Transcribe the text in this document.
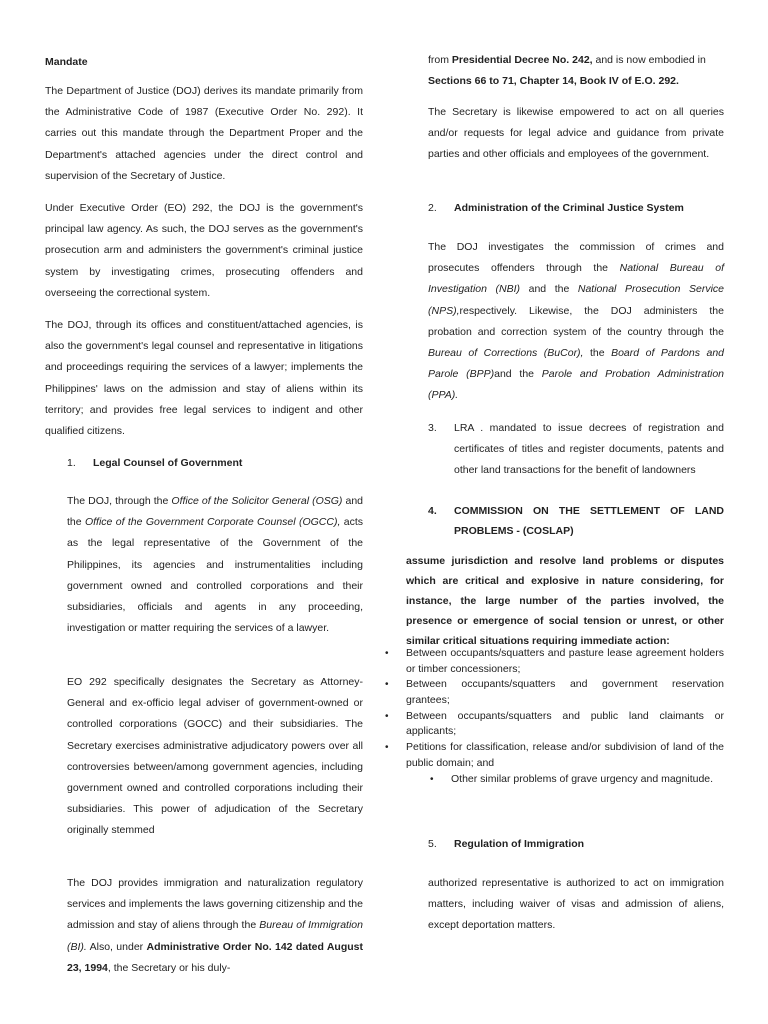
Mandate

The Department of Justice (DOJ) derives its mandate primarily from the Administrative Code of 1987 (Executive Order No. 292). It carries out this mandate through the Department Proper and the Department's attached agencies under the direct control and supervision of the Secretary of Justice.

Under Executive Order (EO) 292, the DOJ is the government's principal law agency. As such, the DOJ serves as the government's prosecution arm and administers the government's criminal justice system by investigating crimes, prosecuting offenders and overseeing the correctional system.

The DOJ, through its offices and constituent/attached agencies, is also the government's legal counsel and representative in litigations and proceedings requiring the services of a lawyer; implements the Philippines' laws on the admission and stay of aliens within its territory; and provides free legal services to indigent and other qualified citizens.

1.	Legal Counsel of Government

The DOJ, through the Office of the Solicitor General (OSG) and the Office of the Government Corporate Counsel (OGCC), acts as the legal representative of the Government of the Philippines, its agencies and instrumentalities including government owned and controlled corporations and their subsidiaries, officials and agents in any proceeding, investigation or matter requiring the services of a lawyer.

EO 292 specifically designates the Secretary as Attorney-General and ex-officio legal adviser of government-owned or controlled corporations (GOCC) and their subsidiaries. The Secretary exercises administrative adjudicatory powers over all controversies between/among government agencies, including government owned and controlled corporations including their subsidiaries. This power of adjudication of the Secretary originally stemmed

The DOJ provides immigration and naturalization regulatory services and implements the laws governing citizenship and the admission and stay of aliens through the Bureau of Immigration (BI). Also, under Administrative Order No. 142 dated August 23, 1994, the Secretary or his duly-

from Presidential Decree No. 242, and is now embodied in Sections 66 to 71, Chapter 14, Book IV of E.O. 292.

The Secretary is likewise empowered to act on all queries and/or requests for legal advice and guidance from private parties and other officials and employees of the government.

2.	Administration of the Criminal Justice System

The DOJ investigates the commission of crimes and prosecutes offenders through the National Bureau of Investigation (NBI) and the National Prosecution Service (NPS),respectively. Likewise, the DOJ administers the probation and correction system of the country through the Bureau of Corrections (BuCor), the Board of Pardons and Parole (BPP)and the Parole and Probation Administration (PPA).

3.	LRA . mandated to issue decrees of registration and certificates of titles and register documents, patents and other land transactions for the benefit of landowners

4.	COMMISSION ON THE SETTLEMENT OF LAND PROBLEMS - (COSLAP)

assume jurisdiction and resolve land problems or disputes which are critical and explosive in nature considering, for instance, the large number of the parties involved, the presence or emergence of social tension or unrest, or other similar critical situations requiring immediate action:

• Between occupants/squatters and pasture lease agreement holders or timber concessioners;
• Between occupants/squatters and government reservation grantees;
• Between occupants/squatters and public land claimants or applicants;
• Petitions for classification, release and/or subdivision of land of the public domain; and
• Other similar problems of grave urgency and magnitude.
5.	Regulation of Immigration

authorized representative is authorized to act on immigration matters, including waiver of visas and admission of aliens, except deportation matters.
